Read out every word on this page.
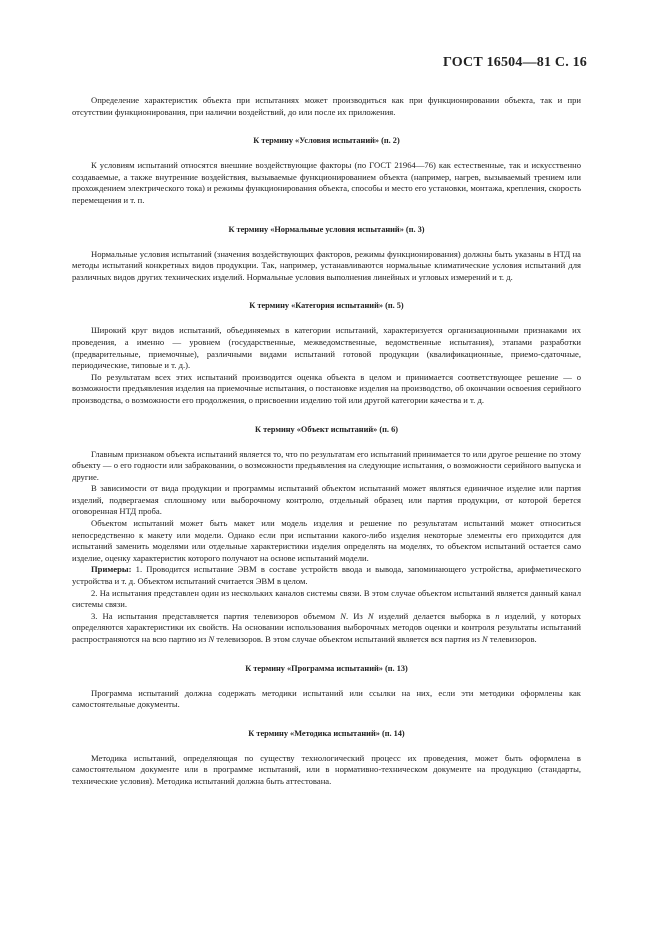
ГОСТ 16504—81 С. 16

Определение характеристик объекта при испытаниях может производиться как при функционировании объекта, так и при отсутствии функционирования, при наличии воздействий, до или после их приложения.

К термину «Условия испытаний» (п. 2)

К условиям испытаний относятся внешние воздействующие факторы (по ГОСТ 21964—76) как естественные, так и искусственно создаваемые, а также внутренние воздействия, вызываемые функционированием объекта (например, нагрев, вызываемый трением или прохождением электрического тока) и режимы функционирования объекта, способы и место его установки, монтажа, крепления, скорость перемещения и т. п.

К термину «Нормальные условия испытаний» (п. 3)

Нормальные условия испытаний (значения воздействующих факторов, режимы функционирования) должны быть указаны в НТД на методы испытаний конкретных видов продукции. Так, например, устанавливаются нормальные климатические условия испытаний для различных видов других технических изделий. Нормальные условия выполнения линейных и угловых измерений и т. д.

К термину «Категория испытаний» (п. 5)

Широкий круг видов испытаний, объединяемых в категории испытаний, характеризуется организационными признаками их проведения, а именно — уровнем (государственные, межведомственные, ведомственные испытания), этапами разработки (предварительные, приемочные), различными видами испытаний готовой продукции (квалификационные, приемо-сдаточные, периодические, типовые и т. д.).

По результатам всех этих испытаний производится оценка объекта в целом и принимается соответствующее решение — о возможности предъявления изделия на приемочные испытания, о постановке изделия на производство, об окончании освоения серийного производства, о возможности его продолжения, о присвоении изделию той или другой категории качества и т. д.

К термину «Объект испытаний» (п. 6)

Главным признаком объекта испытаний является то, что по результатам его испытаний принимается то или другое решение по этому объекту — о его годности или забраковании, о возможности предъявления на следующие испытания, о возможности серийного выпуска и другие.

В зависимости от вида продукции и программы испытаний объектом испытаний может являться единичное изделие или партия изделий, подвергаемая сплошному или выборочному контролю, отдельный образец или партия продукции, от которой берется оговоренная НТД проба.

Объектом испытаний может быть макет или модель изделия и решение по результатам испытаний может относиться непосредственно к макету или модели. Однако если при испытании какого-либо изделия некоторые элементы его приходится для испытаний заменить моделями или отдельные характеристики изделия определять на моделях, то объектом испытаний остается само изделие, оценку характеристик которого получают на основе испытаний модели.

Примеры: 1. Проводится испытание ЭВМ в составе устройств ввода и вывода, запоминающего устройства, арифметического устройства и т. д. Объектом испытаний считается ЭВМ в целом.

2. На испытания представлен один из нескольких каналов системы связи. В этом случае объектом испытаний является данный канал системы связи.

3. На испытания представляется партия телевизоров объемом N. Из N изделий делается выборка в n изделий, у которых определяются характеристики их свойств. На основании использования выборочных методов оценки и контроля результаты испытаний распространяются на всю партию из N телевизоров. В этом случае объектом испытаний является вся партия из N телевизоров.

К термину «Программа испытаний» (п. 13)

Программа испытаний должна содержать методики испытаний или ссылки на них, если эти методики оформлены как самостоятельные документы.

К термину «Методика испытаний» (п. 14)

Методика испытаний, определяющая по существу технологический процесс их проведения, может быть оформлена в самостоятельном документе или в программе испытаний, или в нормативно-техническом документе на продукцию (стандарты, технические условия). Методика испытаний должна быть аттестована.
